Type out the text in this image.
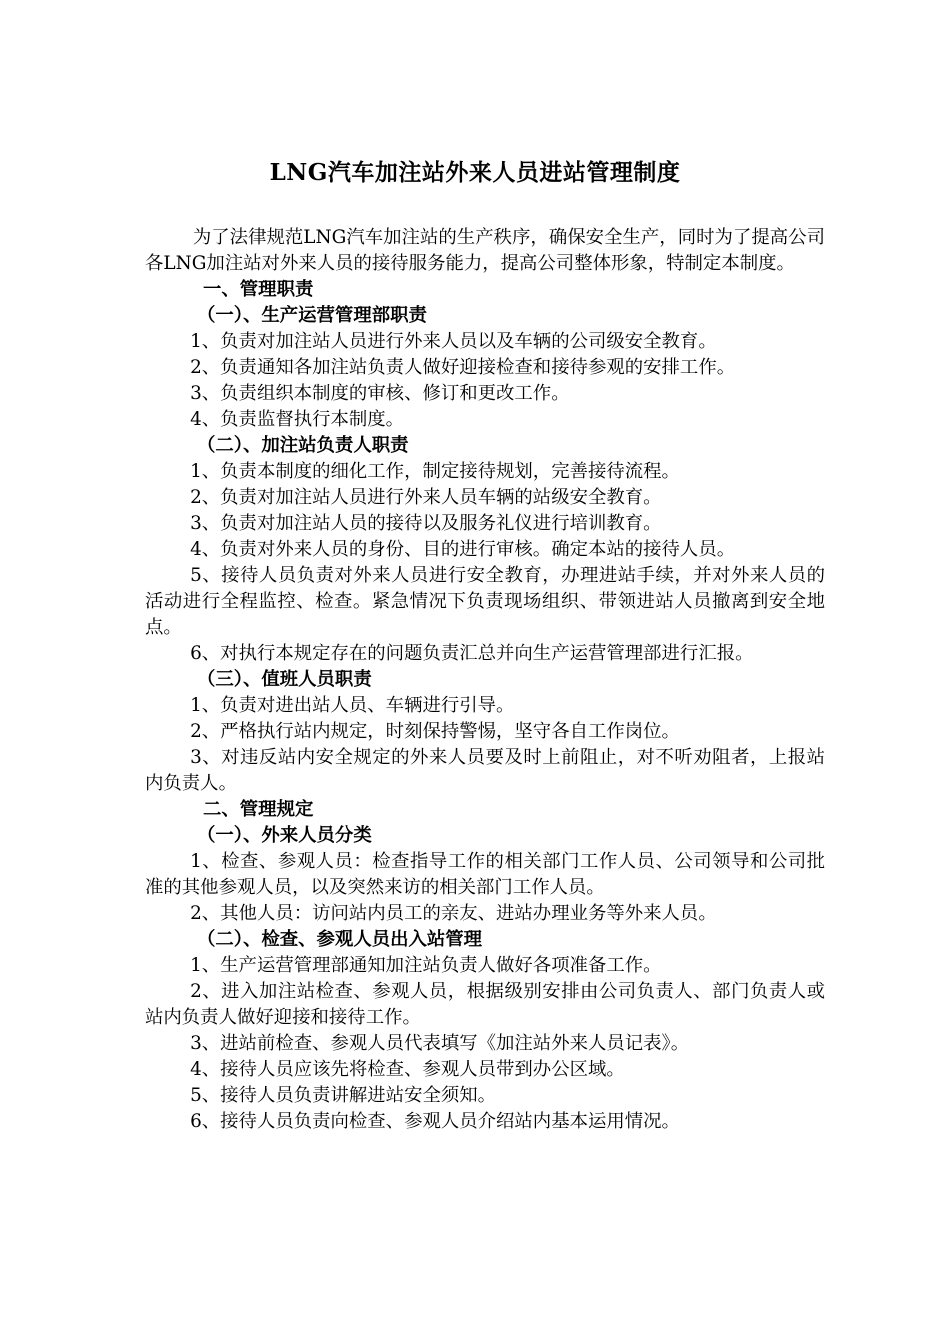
LNG汽车加注站外来人员进站管理制度

为了法律规范LNG汽车加注站的生产秩序，确保安全生产，同时为了提高公司各LNG加注站对外来人员的接待服务能力，提高公司整体形象，特制定本制度。

一、管理职责

（一）、生产运营管理部职责

1、负责对加注站人员进行外来人员以及车辆的公司级安全教育。

2、负责通知各加注站负责人做好迎接检查和接待参观的安排工作。

3、负责组织本制度的审核、修订和更改工作。

4、负责监督执行本制度。

（二）、加注站负责人职责

1、负责本制度的细化工作，制定接待规划，完善接待流程。

2、负责对加注站人员进行外来人员车辆的站级安全教育。

3、负责对加注站人员的接待以及服务礼仪进行培训教育。

4、负责对外来人员的身份、目的进行审核。确定本站的接待人员。

5、接待人员负责对外来人员进行安全教育，办理进站手续，并对外来人员的活动进行全程监控、检查。紧急情况下负责现场组织、带领进站人员撤离到安全地点。

6、对执行本规定存在的问题负责汇总并向生产运营管理部进行汇报。

（三）、值班人员职责

1、负责对进出站人员、车辆进行引导。

2、严格执行站内规定，时刻保持警惕，坚守各自工作岗位。

3、对违反站内安全规定的外来人员要及时上前阻止，对不听劝阻者，上报站内负责人。

二、管理规定

（一）、外来人员分类

1、检查、参观人员：检查指导工作的相关部门工作人员、公司领导和公司批准的其他参观人员，以及突然来访的相关部门工作人员。

2、其他人员：访问站内员工的亲友、进站办理业务等外来人员。

（二）、检查、参观人员出入站管理

1、生产运营管理部通知加注站负责人做好各项准备工作。

2、进入加注站检查、参观人员，根据级别安排由公司负责人、部门负责人或站内负责人做好迎接和接待工作。

3、进站前检查、参观人员代表填写《加注站外来人员记表》。

4、接待人员应该先将检查、参观人员带到办公区域。

5、接待人员负责讲解进站安全须知。

6、接待人员负责向检查、参观人员介绍站内基本运用情况。
